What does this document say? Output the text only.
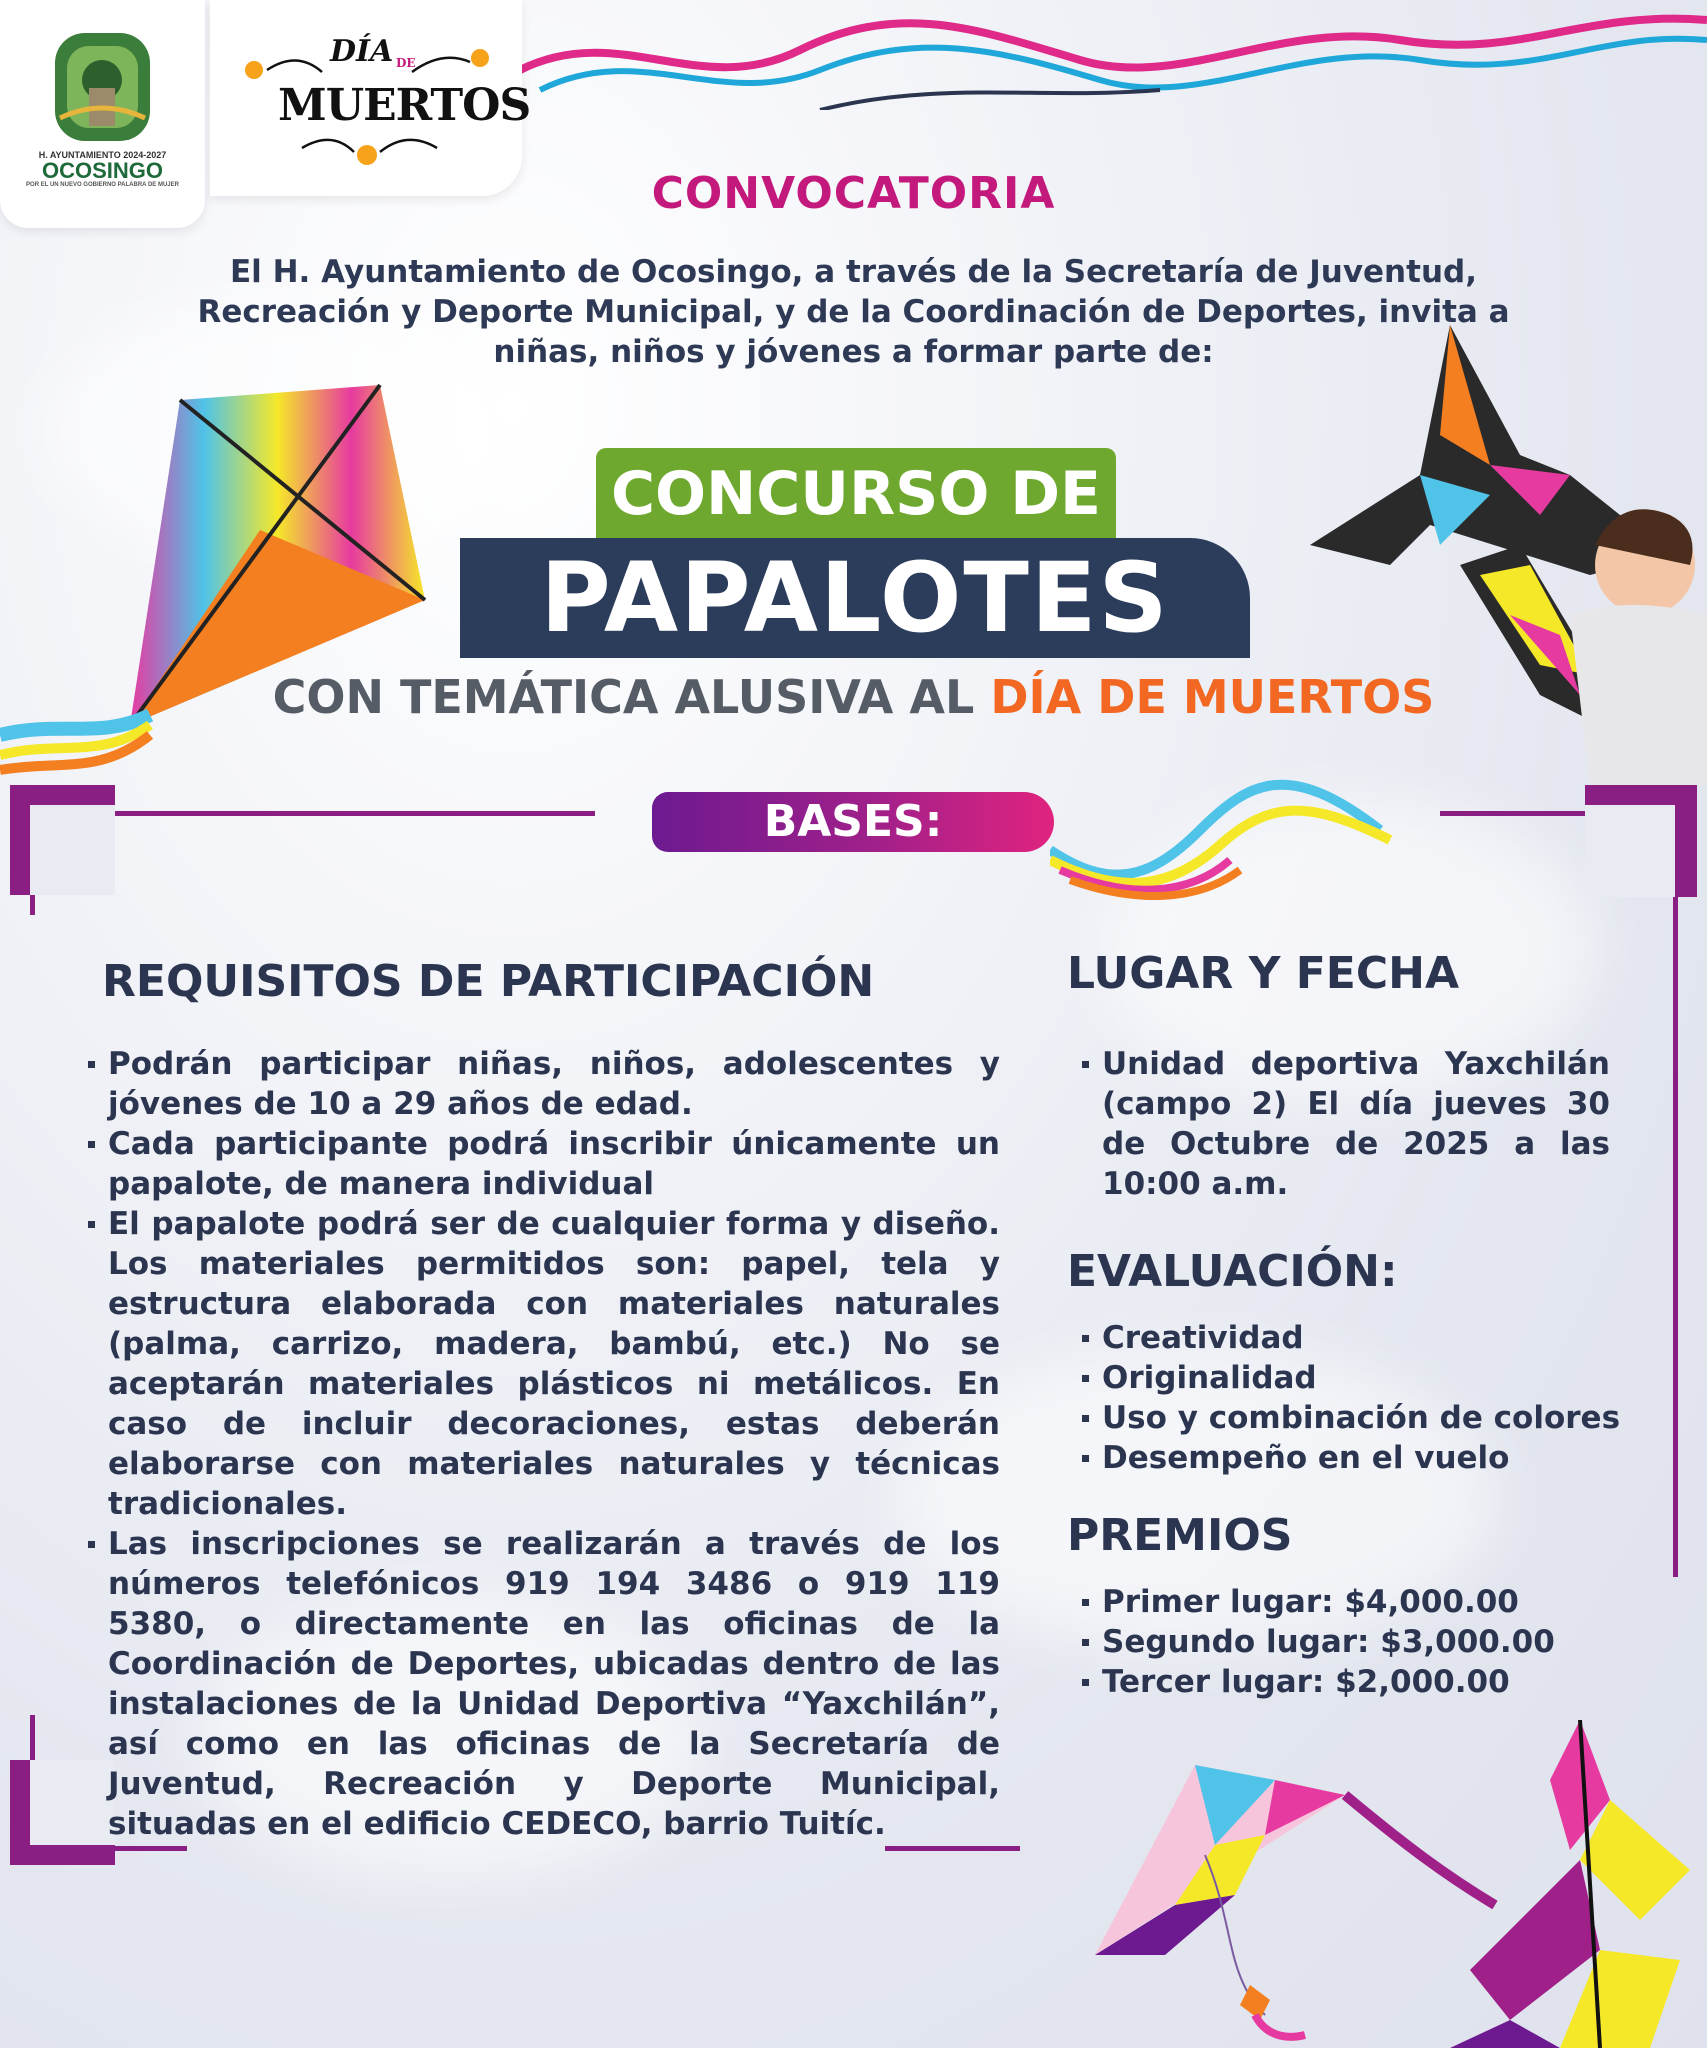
H. AYUNTAMIENTO 2024-2027
OCOSINGO
POR EL UN NUEVO GOBIERNO PALABRA DE MUJER
DÍA DE
MUERTOS
CONVOCATORIA
El H. Ayuntamiento de Ocosingo, a través de la Secretaría de Juventud, Recreación y Deporte Municipal, y de la Coordinación de Deportes, invita a niñas, niños y jóvenes a formar parte de:
CONCURSO DE
PAPALOTES
CON TEMÁTICA ALUSIVA AL DÍA DE MUERTOS
BASES:
REQUISITOS DE PARTICIPACIÓN
Podrán participar niñas, niños, adolescentes y jóvenes de 10 a 29 años de edad.
Cada participante podrá inscribir únicamente un papalote, de manera individual
El papalote podrá ser de cualquier forma y diseño. Los materiales permitidos son: papel, tela y estructura elaborada con materiales naturales (palma, carrizo, madera, bambú, etc.) No se aceptarán materiales plásticos ni metálicos. En caso de incluir decoraciones, estas deberán elaborarse con materiales naturales y técnicas tradicionales.
Las inscripciones se realizarán a través de los números telefónicos 919 194 3486 o 919 119 5380, o directamente en las oficinas de la Coordinación de Deportes, ubicadas dentro de las instalaciones de la Unidad Deportiva “Yaxchilán”, así como en las oficinas de la Secretaría de Juventud, Recreación y Deporte Municipal, situadas en el edificio CEDECO, barrio Tuitíc.
LUGAR Y FECHA
Unidad deportiva Yaxchilán (campo 2) El día jueves 30 de Octubre de 2025 a las 10:00 a.m.
EVALUACIÓN:
Creatividad
Originalidad
Uso y combinación de colores
Desempeño en el vuelo
PREMIOS
Primer lugar: $4,000.00
Segundo lugar: $3,000.00
Tercer lugar: $2,000.00
